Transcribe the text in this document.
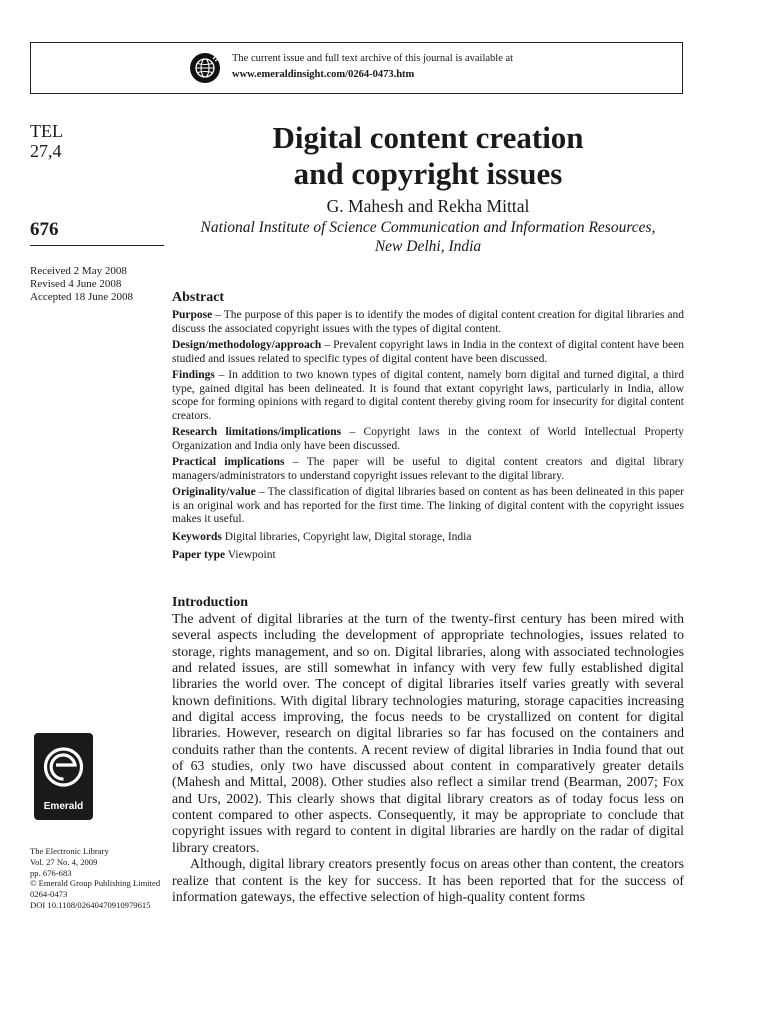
The current issue and full text archive of this journal is available at
www.emeraldinsight.com/0264-0473.htm
TEL
27,4
676
Received 2 May 2008
Revised 4 June 2008
Accepted 18 June 2008
Digital content creation
and copyright issues
G. Mahesh and Rekha Mittal
National Institute of Science Communication and Information Resources,
New Delhi, India
Abstract

Purpose – The purpose of this paper is to identify the modes of digital content creation for digital libraries and discuss the associated copyright issues with the types of digital content.

Design/methodology/approach – Prevalent copyright laws in India in the context of digital content have been studied and issues related to specific types of digital content have been discussed.

Findings – In addition to two known types of digital content, namely born digital and turned digital, a third type, gained digital has been delineated. It is found that extant copyright laws, particularly in India, allow scope for forming opinions with regard to digital content thereby giving room for insecurity for digital content creators.

Research limitations/implications – Copyright laws in the context of World Intellectual Property Organization and India only have been discussed.

Practical implications – The paper will be useful to digital content creators and digital library managers/administrators to understand copyright issues relevant to the digital library.

Originality/value – The classification of digital libraries based on content as has been delineated in this paper is an original work and has reported for the first time. The linking of digital content with the copyright issues makes it useful.

Keywords Digital libraries, Copyright law, Digital storage, India

Paper type Viewpoint

Introduction

The advent of digital libraries at the turn of the twenty-first century has been mired with several aspects including the development of appropriate technologies, issues related to storage, rights management, and so on. Digital libraries, along with associated technologies and related issues, are still somewhat in infancy with very few fully established digital libraries the world over. The concept of digital libraries itself varies greatly with several known definitions. With digital library technologies maturing, storage capacities increasing and digital access improving, the focus needs to be crystallized on content for digital libraries. However, research on digital libraries so far has focused on the containers and conduits rather than the contents. A recent review of digital libraries in India found that out of 63 studies, only two have discussed about content in comparatively greater details (Mahesh and Mittal, 2008). Other studies also reflect a similar trend (Bearman, 2007; Fox and Urs, 2002). This clearly shows that digital library creators as of today focus less on content compared to other aspects. Consequently, it may be appropriate to conclude that copyright issues with regard to content in digital libraries are hardly on the radar of digital library creators.

Although, digital library creators presently focus on areas other than content, the creators realize that content is the key for success. It has been reported that for the success of information gateways, the effective selection of high-quality content forms

Emerald
The Electronic Library
Vol. 27 No. 4, 2009
pp. 676-683
© Emerald Group Publishing Limited
0264-0473
DOI 10.1108/02640470910979615
